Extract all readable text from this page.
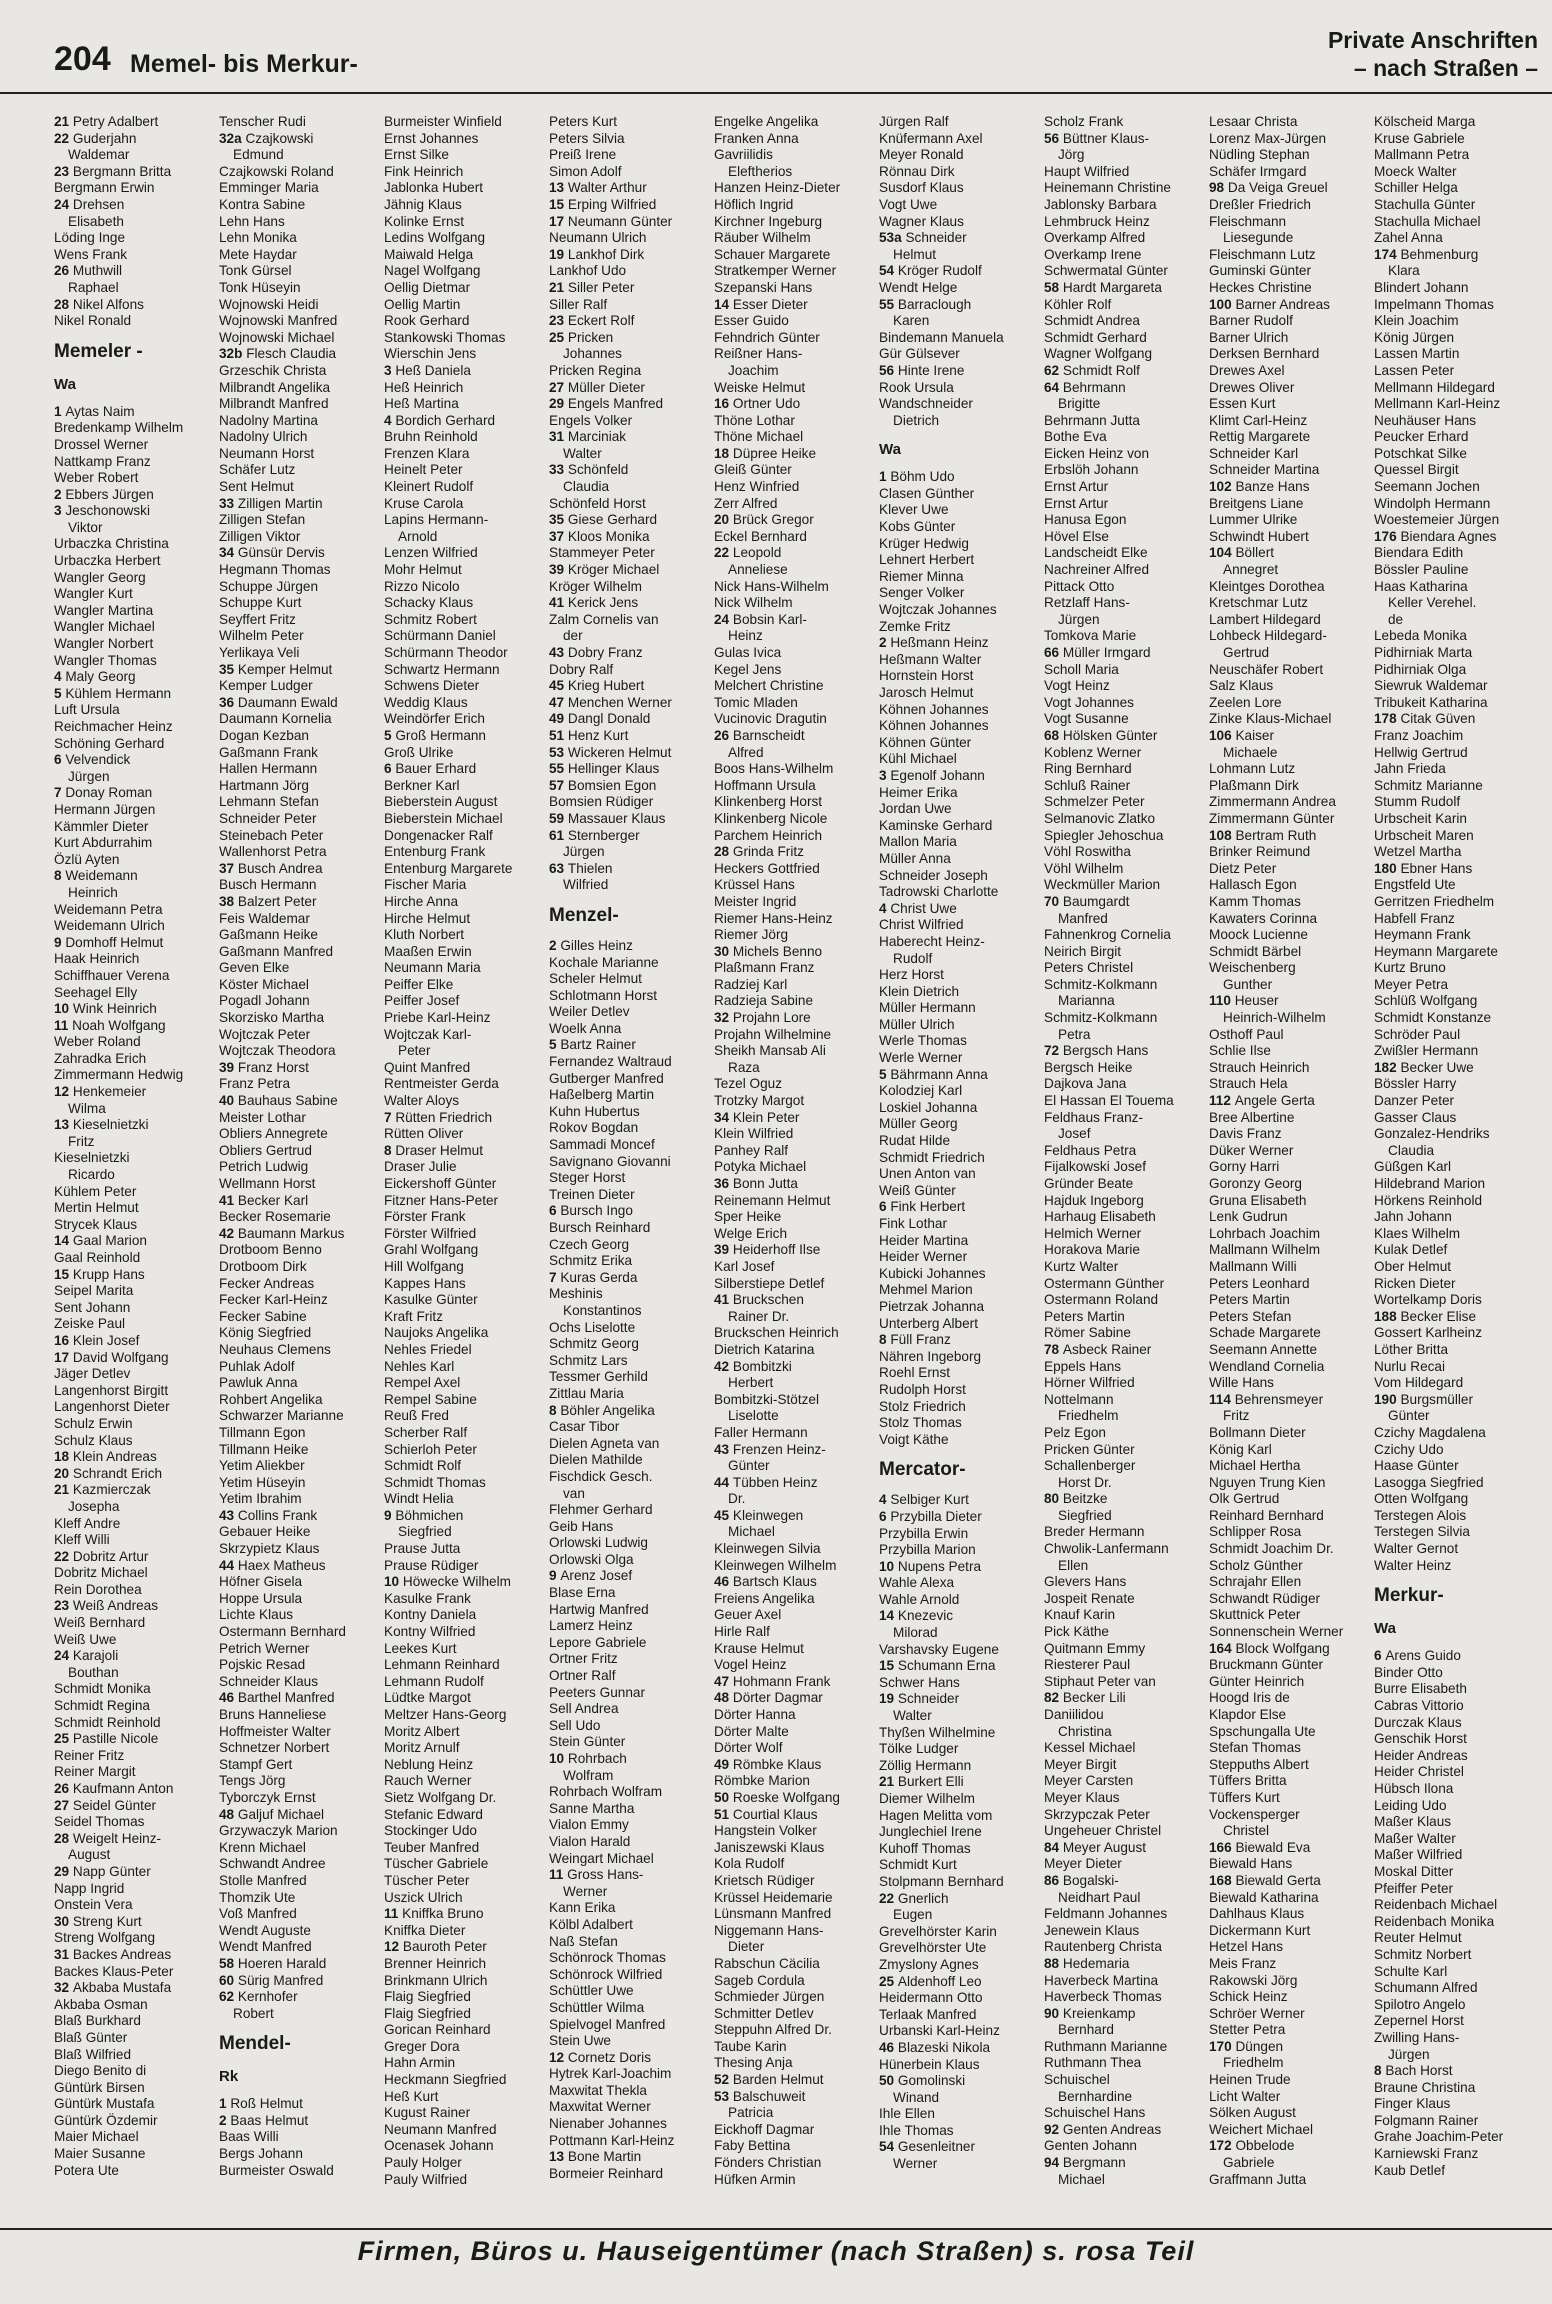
204 Memel- bis Merkur-
Private Anschriften
– nach Straßen –
21 Petry Adalbert
22 Guderjahn
Waldemar
23 Bergmann Britta
Bergmann Erwin
24 Drehsen
Elisabeth
Löding Inge
Wens Frank
26 Muthwill
Raphael
28 Nikel Alfons
Nikel Ronald
Memeler -
Wa
1 Aytas Naim
Bredenkamp Wilhelm
Drossel Werner
Nattkamp Franz
Weber Robert
2 Ebbers Jürgen
3 Jeschonowski
Viktor
Urbaczka Christina
Urbaczka Herbert
Wangler Georg
Wangler Kurt
Wangler Martina
Wangler Michael
Wangler Norbert
Wangler Thomas
4 Maly Georg
5 Kühlem Hermann
Luft Ursula
Reichmacher Heinz
Schöning Gerhard
6 Velvendick
Jürgen
7 Donay Roman
Hermann Jürgen
Kämmler Dieter
Kurt Abdurrahim
Özlü Ayten
8 Weidemann
Heinrich
Weidemann Petra
Weidemann Ulrich
9 Domhoff Helmut
Haak Heinrich
Schiffhauer Verena
Seehagel Elly
10 Wink Heinrich
11 Noah Wolfgang
Weber Roland
Zahradka Erich
Zimmermann Hedwig
12 Henkemeier
Wilma
13 Kieselnietzki
Fritz
Kieselnietzki
Ricardo
Kühlem Peter
Mertin Helmut
Strycek Klaus
14 Gaal Marion
Gaal Reinhold
15 Krupp Hans
Seipel Marita
Sent Johann
Zeiske Paul
16 Klein Josef
17 David Wolfgang
Jäger Detlev
Langenhorst Birgitt
Langenhorst Dieter
Schulz Erwin
Schulz Klaus
18 Klein Andreas
20 Schrandt Erich
21 Kazmierczak
Josepha
Kleff Andre
Kleff Willi
22 Dobritz Artur
Dobritz Michael
Rein Dorothea
23 Weiß Andreas
Weiß Bernhard
Weiß Uwe
24 Karajoli
Bouthan
Schmidt Monika
Schmidt Regina
Schmidt Reinhold
25 Pastille Nicole
Reiner Fritz
Reiner Margit
26 Kaufmann Anton
27 Seidel Günter
Seidel Thomas
28 Weigelt Heinz-
August
29 Napp Günter
Napp Ingrid
Onstein Vera
30 Streng Kurt
Streng Wolfgang
31 Backes Andreas
Backes Klaus-Peter
32 Akbaba Mustafa
Akbaba Osman
Blaß Burkhard
Blaß Günter
Blaß Wilfried
Diego Benito di
Güntürk Birsen
Güntürk Mustafa
Güntürk Özdemir
Maier Michael
Maier Susanne
Potera Ute
Tenscher Rudi
32a Czajkowski
Edmund
Czajkowski Roland
Emminger Maria
Kontra Sabine
Lehn Hans
Lehn Monika
Mete Haydar
Tonk Gürsel
Tonk Hüseyin
Wojnowski Heidi
Wojnowski Manfred
Wojnowski Michael
32b Flesch Claudia
Grzeschik Christa
Milbrandt Angelika
Milbrandt Manfred
Nadolny Martina
Nadolny Ulrich
Neumann Horst
Schäfer Lutz
Sent Helmut
33 Zilligen Martin
Zilligen Stefan
Zilligen Viktor
34 Günsür Dervis
Hegmann Thomas
Schuppe Jürgen
Schuppe Kurt
Seyffert Fritz
Wilhelm Peter
Yerlikaya Veli
35 Kemper Helmut
Kemper Ludger
36 Daumann Ewald
Daumann Kornelia
Dogan Kezban
Gaßmann Frank
Hallen Hermann
Hartmann Jörg
Lehmann Stefan
Schneider Peter
Steinebach Peter
Wallenhorst Petra
37 Busch Andrea
Busch Hermann
38 Balzert Peter
Feis Waldemar
Gaßmann Heike
Gaßmann Manfred
Geven Elke
Köster Michael
Pogadl Johann
Skorzisko Martha
Wojtczak Peter
Wojtczak Theodora
39 Franz Horst
Franz Petra
40 Bauhaus Sabine
Meister Lothar
Obliers Annegrete
Obliers Gertrud
Petrich Ludwig
Wellmann Horst
41 Becker Karl
Becker Rosemarie
42 Baumann Markus
Drotboom Benno
Drotboom Dirk
Fecker Andreas
Fecker Karl-Heinz
Fecker Sabine
König Siegfried
Neuhaus Clemens
Puhlak Adolf
Pawluk Anna
Rohbert Angelika
Schwarzer Marianne
Tillmann Egon
Tillmann Heike
Yetim Aliekber
Yetim Hüseyin
Yetim Ibrahim
43 Collins Frank
Gebauer Heike
Skrzypietz Klaus
44 Haex Matheus
Höfner Gisela
Hoppe Ursula
Lichte Klaus
Ostermann Bernhard
Petrich Werner
Pojskic Resad
Schneider Klaus
46 Barthel Manfred
Bruns Hanneliese
Hoffmeister Walter
Schnetzer Norbert
Stampf Gert
Tengs Jörg
Tyborczyk Ernst
48 Galjuf Michael
Grzywaczyk Marion
Krenn Michael
Schwandt Andree
Stolle Manfred
Thomzik Ute
Voß Manfred
Wendt Auguste
Wendt Manfred
58 Hoeren Harald
60 Sürig Manfred
62 Kernhofer
Robert
Mendel-
Rk
1 Roß Helmut
2 Baas Helmut
Baas Willi
Bergs Johann
Burmeister Oswald
Burmeister Winfield
Ernst Johannes
Ernst Silke
Fink Heinrich
Jablonka Hubert
Jähnig Klaus
Kolinke Ernst
Ledins Wolfgang
Maiwald Helga
Nagel Wolfgang
Oellig Dietmar
Oellig Martin
Rook Gerhard
Stankowski Thomas
Wierschin Jens
3 Heß Daniela
Heß Heinrich
Heß Martina
4 Bordich Gerhard
Bruhn Reinhold
Frenzen Klara
Heinelt Peter
Kleinert Rudolf
Kruse Carola
Lapins Hermann-
Arnold
Lenzen Wilfried
Mohr Helmut
Rizzo Nicolo
Schacky Klaus
Schmitz Robert
Schürmann Daniel
Schürmann Theodor
Schwartz Hermann
Schwens Dieter
Weddig Klaus
Weindörfer Erich
5 Groß Hermann
Groß Ulrike
6 Bauer Erhard
Berkner Karl
Bieberstein August
Bieberstein Michael
Dongenacker Ralf
Entenburg Frank
Entenburg Margarete
Fischer Maria
Hirche Anna
Hirche Helmut
Kluth Norbert
Maaßen Erwin
Neumann Maria
Peiffer Elke
Peiffer Josef
Priebe Karl-Heinz
Wojtczak Karl-
Peter
Quint Manfred
Rentmeister Gerda
Walter Aloys
7 Rütten Friedrich
Rütten Oliver
8 Draser Helmut
Draser Julie
Eickershoff Günter
Fitzner Hans-Peter
Förster Frank
Förster Wilfried
Grahl Wolfgang
Hill Wolfgang
Kappes Hans
Kasulke Günter
Kraft Fritz
Naujoks Angelika
Nehles Friedel
Nehles Karl
Rempel Axel
Rempel Sabine
Reuß Fred
Scherber Ralf
Schierloh Peter
Schmidt Rolf
Schmidt Thomas
Windt Helia
9 Böhmichen
Siegfried
Prause Jutta
Prause Rüdiger
10 Höwecke Wilhelm
Kasulke Frank
Kontny Daniela
Kontny Wilfried
Leekes Kurt
Lehmann Reinhard
Lehmann Rudolf
Lüdtke Margot
Meltzer Hans-Georg
Moritz Albert
Moritz Arnulf
Neblung Heinz
Rauch Werner
Sietz Wolfgang Dr.
Stefanic Edward
Stockinger Udo
Teuber Manfred
Tüscher Gabriele
Tüscher Peter
Uszick Ulrich
11 Kniffka Bruno
Kniffka Dieter
12 Bauroth Peter
Brenner Heinrich
Brinkmann Ulrich
Flaig Siegfried
Flaig Siegfried
Gorican Reinhard
Greger Dora
Hahn Armin
Heckmann Siegfried
Heß Kurt
Kugust Rainer
Neumann Manfred
Ocenasek Johann
Pauly Holger
Pauly Wilfried
Peters Kurt
Peters Silvia
Preiß Irene
Simon Adolf
13 Walter Arthur
15 Erping Wilfried
17 Neumann Günter
Neumann Ulrich
19 Lankhof Dirk
Lankhof Udo
21 Siller Peter
Siller Ralf
23 Eckert Rolf
25 Pricken
Johannes
Pricken Regina
27 Müller Dieter
29 Engels Manfred
Engels Volker
31 Marciniak
Walter
33 Schönfeld
Claudia
Schönfeld Horst
35 Giese Gerhard
37 Kloos Monika
Stammeyer Peter
39 Kröger Michael
Kröger Wilhelm
41 Kerick Jens
Zalm Cornelis van
der
43 Dobry Franz
Dobry Ralf
45 Krieg Hubert
47 Menchen Werner
49 Dangl Donald
51 Henz Kurt
53 Wickeren Helmut
55 Hellinger Klaus
57 Bomsien Egon
Bomsien Rüdiger
59 Massauer Klaus
61 Sternberger
Jürgen
63 Thielen
Wilfried
Menzel-
2 Gilles Heinz
Kochale Marianne
Scheler Helmut
Schlotmann Horst
Weiler Detlev
Woelk Anna
5 Bartz Rainer
Fernandez Waltraud
Gutberger Manfred
Haßelberg Martin
Kuhn Hubertus
Rokov Bogdan
Sammadi Moncef
Savignano Giovanni
Steger Horst
Treinen Dieter
6 Bursch Ingo
Bursch Reinhard
Czech Georg
Schmitz Erika
7 Kuras Gerda
Meshinis
Konstantinos
Ochs Liselotte
Schmitz Georg
Schmitz Lars
Tessmer Gerhild
Zittlau Maria
8 Böhler Angelika
Casar Tibor
Dielen Agneta van
Dielen Mathilde
Fischdick Gesch.
van
Flehmer Gerhard
Geib Hans
Orlowski Ludwig
Orlowski Olga
9 Arenz Josef
Blase Erna
Hartwig Manfred
Lamerz Heinz
Lepore Gabriele
Ortner Fritz
Ortner Ralf
Peeters Gunnar
Sell Andrea
Sell Udo
Stein Günter
10 Rohrbach
Wolfram
Rohrbach Wolfram
Sanne Martha
Vialon Emmy
Vialon Harald
Weingart Michael
11 Gross Hans-
Werner
Kann Erika
Kölbl Adalbert
Naß Stefan
Schönrock Thomas
Schönrock Wilfried
Schüttler Uwe
Schüttler Wilma
Spielvogel Manfred
Stein Uwe
12 Cornetz Doris
Hytrek Karl-Joachim
Maxwitat Thekla
Maxwitat Werner
Nienaber Johannes
Pottmann Karl-Heinz
13 Bone Martin
Bormeier Reinhard
Engelke Angelika
Franken Anna
Gavriilidis
Eleftherios
Hanzen Heinz-Dieter
Höflich Ingrid
Kirchner Ingeburg
Räuber Wilhelm
Schauer Margarete
Stratkemper Werner
Szepanski Hans
14 Esser Dieter
Esser Guido
Fehndrich Günter
Reißner Hans-
Joachim
Weiske Helmut
16 Ortner Udo
Thöne Lothar
Thöne Michael
18 Düpree Heike
Gleiß Günter
Henz Winfried
Zerr Alfred
20 Brück Gregor
Eckel Bernhard
22 Leopold
Anneliese
Nick Hans-Wilhelm
Nick Wilhelm
24 Bobsin Karl-
Heinz
Gulas Ivica
Kegel Jens
Melchert Christine
Tomic Mladen
Vucinovic Dragutin
26 Barnscheidt
Alfred
Boos Hans-Wilhelm
Hoffmann Ursula
Klinkenberg Horst
Klinkenberg Nicole
Parchem Heinrich
28 Grinda Fritz
Heckers Gottfried
Krüssel Hans
Meister Ingrid
Riemer Hans-Heinz
Riemer Jörg
30 Michels Benno
Plaßmann Franz
Radziej Karl
Radzieja Sabine
32 Projahn Lore
Projahn Wilhelmine
Sheikh Mansab Ali
Raza
Tezel Oguz
Trotzky Margot
34 Klein Peter
Klein Wilfried
Panhey Ralf
Potyka Michael
36 Bonn Jutta
Reinemann Helmut
Sper Heike
Welge Erich
39 Heiderhoff Ilse
Karl Josef
Silberstiepe Detlef
41 Bruckschen
Rainer Dr.
Bruckschen Heinrich
Dietrich Katarina
42 Bombitzki
Herbert
Bombitzki-Stötzel
Liselotte
Faller Hermann
43 Frenzen Heinz-
Günter
44 Tübben Heinz
Dr.
45 Kleinwegen
Michael
Kleinwegen Silvia
Kleinwegen Wilhelm
46 Bartsch Klaus
Freiens Angelika
Geuer Axel
Hirle Ralf
Krause Helmut
Vogel Heinz
47 Hohmann Frank
48 Dörter Dagmar
Dörter Hanna
Dörter Malte
Dörter Wolf
49 Römbke Klaus
Römbke Marion
50 Roeske Wolfgang
51 Courtial Klaus
Hangstein Volker
Janiszewski Klaus
Kola Rudolf
Krietsch Rüdiger
Krüssel Heidemarie
Lünsmann Manfred
Niggemann Hans-
Dieter
Rabschun Cäcilia
Sageb Cordula
Schmieder Jürgen
Schmitter Detlev
Steppuhn Alfred Dr.
Taube Karin
Thesing Anja
52 Barden Helmut
53 Balschuweit
Patricia
Eickhoff Dagmar
Faby Bettina
Fönders Christian
Hüfken Armin
Jürgen Ralf
Knüfermann Axel
Meyer Ronald
Rönnau Dirk
Susdorf Klaus
Vogt Uwe
Wagner Klaus
53a Schneider
Helmut
54 Kröger Rudolf
Wendt Helge
55 Barraclough
Karen
Bindemann Manuela
Gür Gülsever
56 Hinte Irene
Rook Ursula
Wandschneider
Dietrich
Wa
1 Böhm Udo
Clasen Günther
Klever Uwe
Kobs Günter
Krüger Hedwig
Lehnert Herbert
Riemer Minna
Senger Volker
Wojtczak Johannes
Zemke Fritz
2 Heßmann Heinz
Heßmann Walter
Hornstein Horst
Jarosch Helmut
Köhnen Johannes
Köhnen Johannes
Köhnen Günter
Kühl Michael
3 Egenolf Johann
Heimer Erika
Jordan Uwe
Kaminske Gerhard
Mallon Maria
Müller Anna
Schneider Joseph
Tadrowski Charlotte
4 Christ Uwe
Christ Wilfried
Haberecht Heinz-
Rudolf
Herz Horst
Klein Dietrich
Müller Hermann
Müller Ulrich
Werle Thomas
Werle Werner
5 Bährmann Anna
Kolodziej Karl
Loskiel Johanna
Müller Georg
Rudat Hilde
Schmidt Friedrich
Unen Anton van
Weiß Günter
6 Fink Herbert
Fink Lothar
Heider Martina
Heider Werner
Kubicki Johannes
Mehmel Marion
Pietrzak Johanna
Unterberg Albert
8 Füll Franz
Nähren Ingeborg
Roehl Ernst
Rudolph Horst
Stolz Friedrich
Stolz Thomas
Voigt Käthe
Mercator-
4 Selbiger Kurt
6 Przybilla Dieter
Przybilla Erwin
Przybilla Marion
10 Nupens Petra
Wahle Alexa
Wahle Arnold
14 Knezevic
Milorad
Varshavsky Eugene
15 Schumann Erna
Schwer Hans
19 Schneider
Walter
Thyßen Wilhelmine
Tölke Ludger
Zöllig Hermann
21 Burkert Elli
Diemer Wilhelm
Hagen Melitta vom
Junglechiel Irene
Kuhoff Thomas
Schmidt Kurt
Stolpmann Bernhard
22 Gnerlich
Eugen
Grevelhörster Karin
Grevelhörster Ute
Zmyslony Agnes
25 Aldenhoff Leo
Heidermann Otto
Terlaak Manfred
Urbanski Karl-Heinz
46 Blazeski Nikola
Hünerbein Klaus
50 Gomolinski
Winand
Ihle Ellen
Ihle Thomas
54 Gesenleitner
Werner
Scholz Frank
56 Büttner Klaus-
Jörg
Haupt Wilfried
Heinemann Christine
Jablonsky Barbara
Lehmbruck Heinz
Overkamp Alfred
Overkamp Irene
Schwermatal Günter
58 Hardt Margareta
Köhler Rolf
Schmidt Andrea
Schmidt Gerhard
Wagner Wolfgang
62 Schmidt Rolf
64 Behrmann
Brigitte
Behrmann Jutta
Bothe Eva
Eicken Heinz von
Erbslöh Johann
Ernst Artur
Ernst Artur
Hanusa Egon
Hövel Else
Landscheidt Elke
Nachreiner Alfred
Pittack Otto
Retzlaff Hans-
Jürgen
Tomkova Marie
66 Müller Irmgard
Scholl Maria
Vogt Heinz
Vogt Johannes
Vogt Susanne
68 Hölsken Günter
Koblenz Werner
Ring Bernhard
Schluß Rainer
Schmelzer Peter
Selmanovic Zlatko
Spiegler Jehoschua
Vöhl Roswitha
Vöhl Wilhelm
Weckmüller Marion
70 Baumgardt
Manfred
Fahnenkrog Cornelia
Neirich Birgit
Peters Christel
Schmitz-Kolkmann
Marianna
Schmitz-Kolkmann
Petra
72 Bergsch Hans
Bergsch Heike
Dajkova Jana
El Hassan El Touema
Feldhaus Franz-
Josef
Feldhaus Petra
Fijalkowski Josef
Gründer Beate
Hajduk Ingeborg
Harhaug Elisabeth
Helmich Werner
Horakova Marie
Kurtz Walter
Ostermann Günther
Ostermann Roland
Peters Martin
Römer Sabine
78 Asbeck Rainer
Eppels Hans
Hörner Wilfried
Nottelmann
Friedhelm
Pelz Egon
Pricken Günter
Schallenberger
Horst Dr.
80 Beitzke
Siegfried
Breder Hermann
Chwolik-Lanfermann
Ellen
Glevers Hans
Jospeit Renate
Knauf Karin
Pick Käthe
Quitmann Emmy
Riesterer Paul
Stiphaut Peter van
82 Becker Lili
Daniilidou
Christina
Kessel Michael
Meyer Birgit
Meyer Carsten
Meyer Klaus
Skrzypczak Peter
Ungeheuer Christel
84 Meyer August
Meyer Dieter
86 Bogalski-
Neidhart Paul
Feldmann Johannes
Jenewein Klaus
Rautenberg Christa
88 Hedemaria
Haverbeck Martina
Haverbeck Thomas
90 Kreienkamp
Bernhard
Ruthmann Marianne
Ruthmann Thea
Schuischel
Bernhardine
Schuischel Hans
92 Genten Andreas
Genten Johann
94 Bergmann
Michael
Lesaar Christa
Lorenz Max-Jürgen
Nüdling Stephan
Schäfer Irmgard
98 Da Veiga Greuel
Dreßler Friedrich
Fleischmann
Liesegunde
Fleischmann Lutz
Guminski Günter
Heckes Christine
100 Barner Andreas
Barner Rudolf
Barner Ulrich
Derksen Bernhard
Drewes Axel
Drewes Oliver
Essen Kurt
Klimt Carl-Heinz
Rettig Margarete
Schneider Karl
Schneider Martina
102 Banze Hans
Breitgens Liane
Lummer Ulrike
Schwindt Hubert
104 Böllert
Annegret
Kleintges Dorothea
Kretschmar Lutz
Lambert Hildegard
Lohbeck Hildegard-
Gertrud
Neuschäfer Robert
Salz Klaus
Zeelen Lore
Zinke Klaus-Michael
106 Kaiser
Michaele
Lohmann Lutz
Plaßmann Dirk
Zimmermann Andrea
Zimmermann Günter
108 Bertram Ruth
Brinker Reimund
Dietz Peter
Hallasch Egon
Kamm Thomas
Kawaters Corinna
Moock Lucienne
Schmidt Bärbel
Weischenberg
Gunther
110 Heuser
Heinrich-Wilhelm
Osthoff Paul
Schlie Ilse
Strauch Heinrich
Strauch Hela
112 Angele Gerta
Bree Albertine
Davis Franz
Düker Werner
Gorny Harri
Goronzy Georg
Gruna Elisabeth
Lenk Gudrun
Lohrbach Joachim
Mallmann Wilhelm
Mallmann Willi
Peters Leonhard
Peters Martin
Peters Stefan
Schade Margarete
Seemann Annette
Wendland Cornelia
Wille Hans
114 Behrensmeyer
Fritz
Bollmann Dieter
König Karl
Michael Hertha
Nguyen Trung Kien
Olk Gertrud
Reinhard Bernhard
Schlipper Rosa
Schmidt Joachim Dr.
Scholz Günther
Schrajahr Ellen
Schwandt Rüdiger
Skuttnick Peter
Sonnenschein Werner
164 Block Wolfgang
Bruckmann Günter
Günter Heinrich
Hoogd Iris de
Klapdor Else
Spschungalla Ute
Stefan Thomas
Steppuths Albert
Tüffers Britta
Tüffers Kurt
Vockensperger
Christel
166 Biewald Eva
Biewald Hans
168 Biewald Gerta
Biewald Katharina
Dahlhaus Klaus
Dickermann Kurt
Hetzel Hans
Meis Franz
Rakowski Jörg
Schick Heinz
Schröer Werner
Stetter Petra
170 Düngen
Friedhelm
Heinen Trude
Licht Walter
Sölken August
Weichert Michael
172 Obbelode
Gabriele
Graffmann Jutta
Kölscheid Marga
Kruse Gabriele
Mallmann Petra
Moeck Walter
Schiller Helga
Stachulla Günter
Stachulla Michael
Zahel Anna
174 Behmenburg
Klara
Blindert Johann
Impelmann Thomas
Klein Joachim
König Jürgen
Lassen Martin
Lassen Peter
Mellmann Hildegard
Mellmann Karl-Heinz
Neuhäuser Hans
Peucker Erhard
Potschkat Silke
Quessel Birgit
Seemann Jochen
Windolph Hermann
Woestemeier Jürgen
176 Biendara Agnes
Biendara Edith
Bössler Pauline
Haas Katharina
Keller Verehel.
de
Lebeda Monika
Pidhirniak Marta
Pidhirniak Olga
Siewruk Waldemar
Tribukeit Katharina
178 Citak Güven
Franz Joachim
Hellwig Gertrud
Jahn Frieda
Schmitz Marianne
Stumm Rudolf
Urbscheit Karin
Urbscheit Maren
Wetzel Martha
180 Ebner Hans
Engstfeld Ute
Gerritzen Friedhelm
Habfell Franz
Heymann Frank
Heymann Margarete
Kurtz Bruno
Meyer Petra
Schlüß Wolfgang
Schmidt Konstanze
Schröder Paul
Zwißler Hermann
182 Becker Uwe
Bössler Harry
Danzer Peter
Gasser Claus
Gonzalez-Hendriks
Claudia
Güßgen Karl
Hildebrand Marion
Hörkens Reinhold
Jahn Johann
Klaes Wilhelm
Kulak Detlef
Ober Helmut
Ricken Dieter
Wortelkamp Doris
188 Becker Elise
Gossert Karlheinz
Löther Britta
Nurlu Recai
Vom Hildegard
190 Burgsmüller
Günter
Czichy Magdalena
Czichy Udo
Haase Günter
Lasogga Siegfried
Otten Wolfgang
Terstegen Alois
Terstegen Silvia
Walter Gernot
Walter Heinz
Merkur-
Wa
6 Arens Guido
Binder Otto
Burre Elisabeth
Cabras Vittorio
Durczak Klaus
Genschik Horst
Heider Andreas
Heider Christel
Hübsch Ilona
Leiding Udo
Maßer Klaus
Maßer Walter
Maßer Wilfried
Moskal Ditter
Pfeiffer Peter
Reidenbach Michael
Reidenbach Monika
Reuter Helmut
Schmitz Norbert
Schulte Karl
Schumann Alfred
Spilotro Angelo
Zepernel Horst
Zwilling Hans-
Jürgen
8 Bach Horst
Braune Christina
Finger Klaus
Folgmann Rainer
Grahe Joachim-Peter
Karniewski Franz
Kaub Detlef
Firmen, Büros u. Hauseigentümer (nach Straßen) s. rosa Teil
